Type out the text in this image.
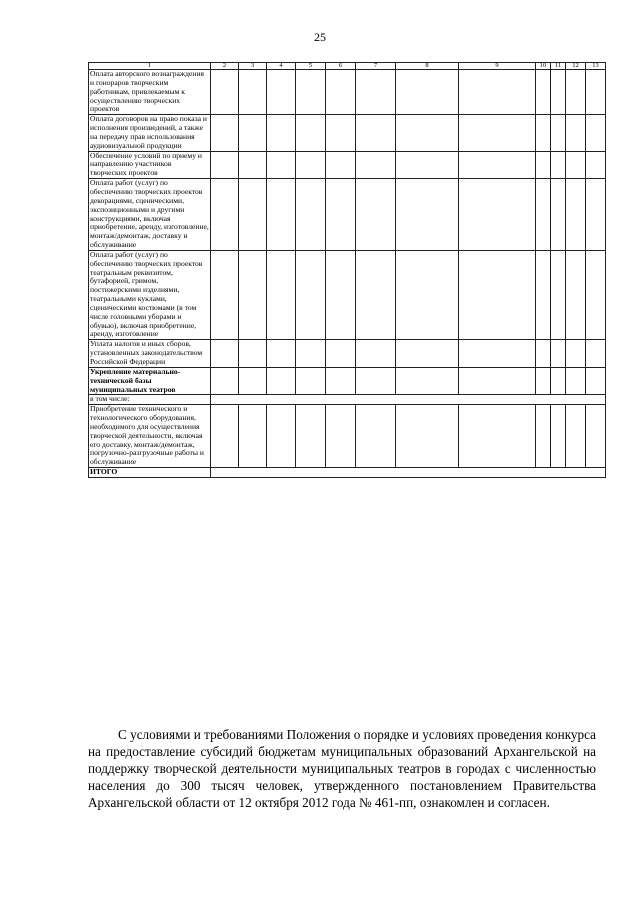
25
1	2	3	4	5	6	7	8	9	10	11	12	13
Оплата авторского вознаграждения и гонораров творческим работникам, привлекаемым к осуществлению творческих проектов												
Оплата договоров на право показа и исполнения произведений, а также на передачу прав использования аудиовизуальной продукции												
Обеспечение условий по приему и направлению участников творческих проектов												
Оплата работ (услуг) по обеспечению творческих проектов декорациями, сценическими, экспозиционными и другими конструкциями, включая приобретение, аренду, изготовление, монтаж/демонтаж, доставку и обслуживание												
Оплата работ (услуг) по обеспечению творческих проектов театральным реквизитом, бутафорией, гримом, постижерскими изделиями, театральными куклами, сценическими костюмами (в том числе головными уборами и обувью), включая приобретение, аренду, изготовление												
Уплата налогов и иных сборов, установленных законодательством Российской Федерации												
Укрепление материально-технической базы муниципальных театров												
в том числе:												
Приобретение технического и технологического оборудования, необходимого для осуществления творческой деятельности, включая его доставку, монтаж/демонтаж, погрузочно-разгрузочные работы и обслуживание												
ИТОГО												

С условиями и требованиями Положения о порядке и условиях проведения конкурса на предоставление субсидий бюджетам муниципальных образований Архангельской на поддержку творческой деятельности муниципальных театров в городах с численностью населения до 300 тысяч человек, утвержденного постановлением Правительства Архангельской области от 12 октября 2012 года № 461-пп, ознакомлен и согласен.
